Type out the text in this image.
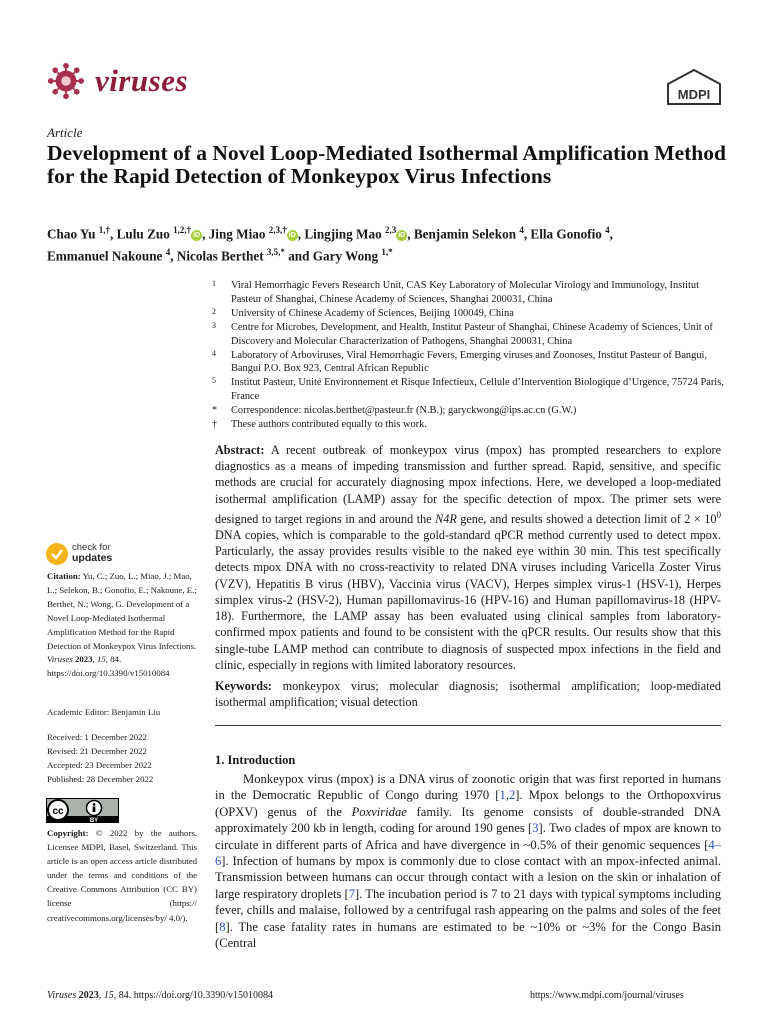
viruses	MDPI
Article
Development of a Novel Loop-Mediated Isothermal Amplification Method for the Rapid Detection of Monkeypox Virus Infections
Chao Yu $^{1,\dagger}$, Lulu Zuo $^{1,2,\dagger}$iD , Jing Miao $^{2,3,\dagger}$iD , Lingjing Mao $^{2,3}$iD , Benjamin Selekon $^4$, Ella Gonofio $^4$,
Emmanuel Nakoune $^4$, Nicolas Berthet $^{3,5,*}$ and Gary Wong $^{1,*}$
1 Viral Hemorrhagic Fevers Research Unit, CAS Key Laboratory of Molecular Virology and Immunology, Institut Pasteur of Shanghai, Chinese Academy of Sciences, Shanghai 200031, China
2 University of Chinese Academy of Sciences, Beijing 100049, China
3 Centre for Microbes, Development, and Health, Institut Pasteur of Shanghai, Chinese Academy of Sciences, Unit of Discovery and Molecular Characterization of Pathogens, Shanghai 200031, China
4 Laboratory of Arboviruses, Viral Hemorrhagic Fevers, Emerging viruses and Zoonoses, Institut Pasteur of Bangui, Bangui P.O. Box 923, Central African Republic
5 Institut Pasteur, Unité Environnement et Risque Infectieux, Cellule d’Intervention Biologique d’Urgence, 75724 Paris, France
* Correspondence: nicolas.berthet@pasteur.fr (N.B.); garyckwong@ips.ac.cn (G.W.)
† These authors contributed equally to this work.
Abstract: A recent outbreak of monkeypox virus (mpox) has prompted researchers to explore diagnostics as a means of impeding transmission and further spread. Rapid, sensitive, and specific methods are crucial for accurately diagnosing mpox infections. Here, we developed a loop-mediated isothermal amplification (LAMP) assay for the specific detection of mpox. The primer sets were designed to target regions in and around the N4R gene, and results showed a detection limit of $2 \times 10^0$ DNA copies, which is comparable to the gold-standard qPCR method currently used to detect mpox. Particularly, the assay provides results visible to the naked eye within 30 min. This test specifically detects mpox DNA with no cross-reactivity to related DNA viruses including Varicella Zoster Virus (VZV), Hepatitis B virus (HBV), Vaccinia virus (VACV), Herpes simplex virus-1 (HSV-1), Herpes simplex virus-2 (HSV-2), Human papillomavirus-16 (HPV-16) and Human papillomavirus-18 (HPV-18). Furthermore, the LAMP assay has been evaluated using clinical samples from laboratory-confirmed mpox patients and found to be consistent with the qPCR results. Our results show that this single-tube LAMP method can contribute to diagnosis of suspected mpox infections in the field and clinic, especially in regions with limited laboratory resources.
Keywords: monkeypox virus; molecular diagnosis; isothermal amplification; loop-mediated isothermal amplification; visual detection
check for
updates
Citation: Yu, C.; Zuo, L.; Miao, J.; Mao, L.; Selekon, B.; Gonofio, E.; Nakoune, E.; Berthet, N.; Wong, G. Development of a Novel Loop-Mediated Isothermal Amplification Method for the Rapid Detection of Monkeypox Virus Infections. Viruses 2023, 15, 84. https://doi.org/10.3390/v15010084
Academic Editor: Benjamin Liu
Received: 1 December 2022
Revised: 21 December 2022
Accepted: 23 December 2022
Published: 28 December 2022
cc
BY
Copyright: © 2022 by the authors. Licensee MDPI, Basel, Switzerland. This article is an open access article distributed under the terms and conditions of the Creative Commons Attribution (CC BY) license (https:// creativecommons.org/licenses/by/ 4.0/).
1. Introduction
Monkeypox virus (mpox) is a DNA virus of zoonotic origin that was first reported in humans in the Democratic Republic of Congo during 1970 [1,2]. Mpox belongs to the Orthopoxvirus (OPXV) genus of the Poxviridae family. Its genome consists of double-stranded DNA approximately 200 kb in length, coding for around 190 genes [3]. Two clades of mpox are known to circulate in different parts of Africa and have divergence in ~0.5% of their genomic sequences [4–6]. Infection of humans by mpox is commonly due to close contact with an mpox-infected animal. Transmission between humans can occur through contact with a lesion on the skin or inhalation of large respiratory droplets [7]. The incubation period is 7 to 21 days with typical symptoms including fever, chills and malaise, followed by a centrifugal rash appearing on the palms and soles of the feet [8]. The case fatality rates in humans are estimated to be ~10% or ~3% for the Congo Basin (Central
Viruses 2023, 15, 84. https://doi.org/10.3390/v15010084	https://www.mdpi.com/journal/viruses
